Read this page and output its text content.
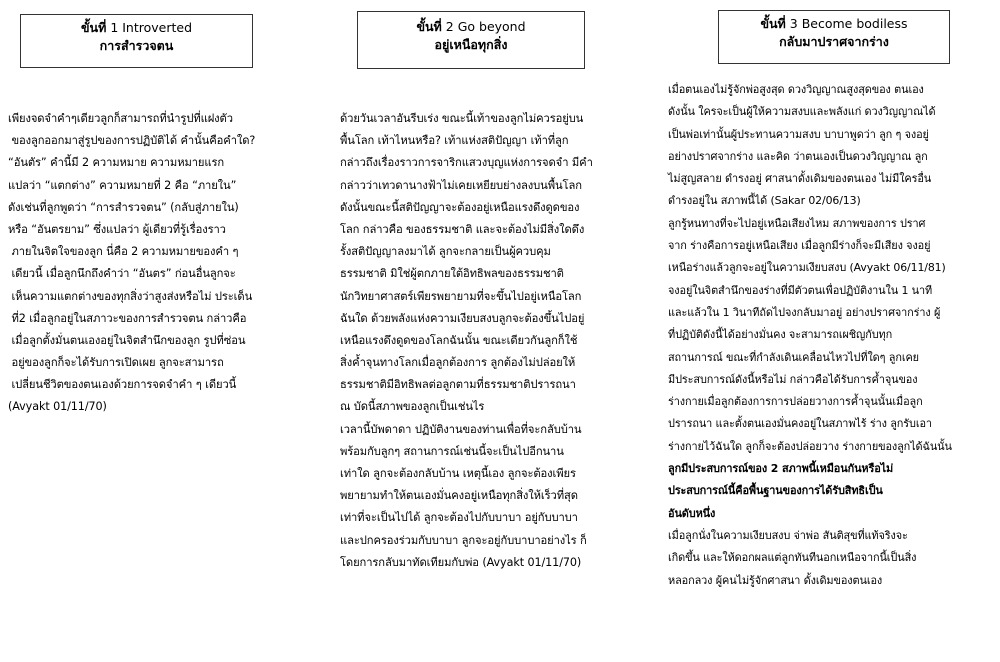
ขั้นที่ 1 Introverted
การสำรวจตน
เพียงจดจำคำๆเดียวลูกก็สามารถที่นำรูปที่แฝงตัว
ของลูกออกมาสู่รูปของการปฏิบัติได้ คำนั้นคือคำใด?
“อันตัร” คำนี้มี 2 ความหมาย ความหมายแรก
แปลว่า “แตกต่าง” ความหมายที่ 2 คือ “ภายใน”
ดังเช่นที่ลูกพูดว่า “การสำรวจตน” (กลับสู่ภายใน)
หรือ “อันตรยาม” ซึ่งแปลว่า ผู้เดียวที่รู้เรื่องราว
ภายในจิตใจของลูก นี่คือ 2 ความหมายของคำ ๆ
เดียวนี้ เมื่อลูกนึกถึงคำว่า “อันตร” ก่อนอื่นลูกจะ
เห็นความแตกต่างของทุกสิ่งว่าสูงส่งหรือไม่ ประเด็น
ที่2 เมื่อลูกอยู่ในสภาวะของการสำรวจตน กล่าวคือ
เมื่อลูกตั้งมั่นตนเองอยู่ในจิตสำนึกของลูก รูปที่ซ่อน
อยู่ของลูกก็จะได้รับการเปิดเผย ลูกจะสามารถ
เปลี่ยนชีวิตของตนเองด้วยการจดจำคำ ๆ เดียวนี้
(Avyakt 01/11/70)
ขั้นที่ 2 Go beyond
อยู่เหนือทุกสิ่ง
ด้วยวันเวลาอันรีบเร่ง ขณะนี้เท้าของลูกไม่ควรอยู่บน
พื้นโลก เท้าไหนหรือ? เท้าแห่งสติปัญญา เท้าที่ลูก
กล่าวถึงเรื่องราวการจาริกแสวงบุญแห่งการจดจำ มีคำ
กล่าวว่าเทวดานางฟ้าไม่เคยเหยียบย่างลงบนพื้นโลก
ดังนั้นขณะนี้สติปัญญาจะต้องอยู่เหนือแรงดึงดูดของ
โลก กล่าวคือ ของธรรมชาติ และจะต้องไม่มีสิ่งใดดึง
รั้งสติปัญญาลงมาได้ ลูกจะกลายเป็นผู้ควบคุม
ธรรมชาติ มิใช่ผู้ตกภายใต้อิทธิพลของธรรมชาติ
นักวิทยาศาสตร์เพียรพยายามที่จะขึ้นไปอยู่เหนือโลก
ฉันใด ด้วยพลังแห่งความเงียบสงบลูกจะต้องขึ้นไปอยู่
เหนือแรงดึงดูดของโลกฉันนั้น ขณะเดียวกันลูกก็ใช้
สิ่งค้ำจุนทางโลกเมื่อลูกต้องการ ลูกต้องไม่ปล่อยให้
ธรรมชาติมีอิทธิพลต่อลูกตามที่ธรรมชาติปรารถนา
ณ บัดนี้สภาพของลูกเป็นเช่นไร
เวลานี้บัพดาดา ปฏิบัติงานของท่านเพื่อที่จะกลับบ้าน
พร้อมกับลูกๆ สถานการณ์เช่นนี้จะเป็นไปอีกนาน
เท่าใด ลูกจะต้องกลับบ้าน เหตุนี้เอง ลูกจะต้องเพียร
พยายามทำให้ตนเองมั่นคงอยู่เหนือทุกสิ่งให้เร็วที่สุด
เท่าที่จะเป็นไปได้ ลูกจะต้องไปกับบาบา อยู่กับบาบา
และปกครองร่วมกับบาบา ลูกจะอยู่กับบาบาอย่างไร ก็
โดยการกลับมาทัดเทียมกับพ่อ (Avyakt 01/11/70)
ขั้นที่ 3 Become bodiless
กลับมาปราศจากร่าง
เมื่อตนเองไม่รู้จักพ่อสูงสุด ดวงวิญญาณสูงสุดของ ตนเอง
ดังนั้น ใครจะเป็นผู้ให้ความสงบและพลังแก่ ดวงวิญญาณได้
เป็นพ่อเท่านั้นผู้ประทานความสงบ บาบาพูดว่า ลูก ๆ จงอยู่
อย่างปราศจากร่าง และคิด ว่าตนเองเป็นดวงวิญญาณ ลูก
ไม่สูญสลาย ดำรงอยู่ ศาสนาดั้งเดิมของตนเอง ไม่มีใครอื่น
ดำรงอยู่ใน สภาพนี้ได้ (Sakar 02/06/13)
ลูกรู้หนทางที่จะไปอยู่เหนือเสียงไหม สภาพของการ ปราศ
จาก ร่างคือการอยู่เหนือเสียง เมื่อลูกมีร่างก็จะมีเสียง จงอยู่
เหนือร่างแล้วลูกจะอยู่ในความเงียบสงบ (Avyakt 06/11/81)
จงอยู่ในจิตสำนึกของร่างที่มีตัวตนเพื่อปฏิบัติงานใน 1 นาที
และแล้วใน 1 วินาทีถัดไปจงกลับมาอยู่ อย่างปราศจากร่าง ผู้
ที่ปฏิบัติดังนี้ได้อย่างมั่นคง จะสามารถเผชิญกับทุก
สถานการณ์ ขณะที่กำลังเดินเคลื่อนไหวไปที่ใดๆ ลูกเคย
มีประสบการณ์ดังนี้หรือไม่ กล่าวคือได้รับการค้ำจุนของ
ร่างกายเมื่อลูกต้องการการปล่อยวางการค้ำจุนนั้นเมื่อลูก
ปรารถนา และตั้งตนเองมั่นคงอยู่ในสภาพไร้ ร่าง ลูกรับเอา
ร่างกายไว้ฉันใด ลูกก็จะต้องปล่อยวาง ร่างกายของลูกได้ฉันนั้น
ลูกมีประสบการณ์ของ 2 สภาพนี้เหมือนกันหรือไม่
ประสบการณ์นี้คือพื้นฐานของการได้รับสิทธิเป็น
อันดับหนึ่ง
เมื่อลูกนั่งในความเงียบสงบ จ่าพ่อ สันติสุขที่แท้จริงจะ
เกิดขึ้น และให้ดอกผลแต่ลูกทันทีนอกเหนือจากนี้เป็นสิ่ง
หลอกลวง ผู้คนไม่รู้จักศาสนา ดั้งเดิมของตนเอง
